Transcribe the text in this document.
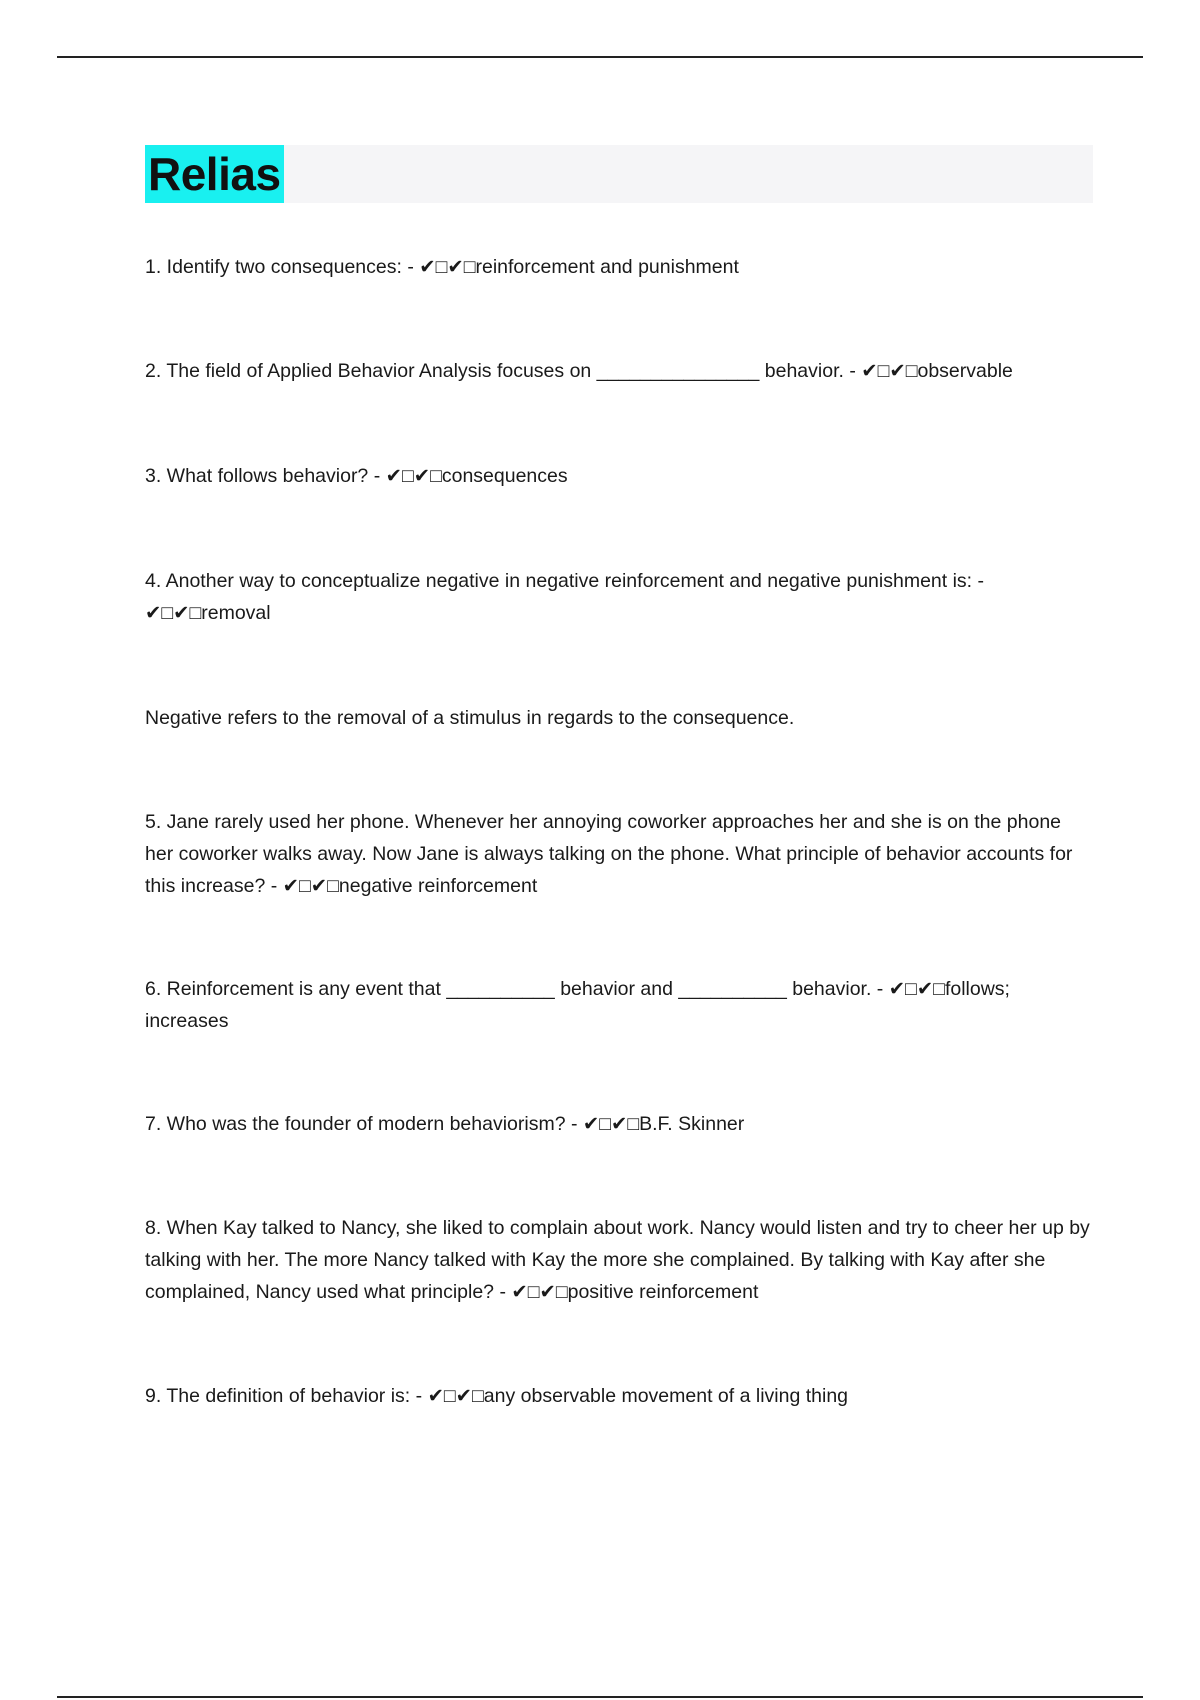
Relias

1. Identify two consequences: - ✔□✔□reinforcement and punishment

2. The field of Applied Behavior Analysis focuses on _______________ behavior. - ✔□✔□observable

3. What follows behavior? - ✔□✔□consequences

4. Another way to conceptualize negative in negative reinforcement and negative punishment is: - ✔□✔□removal

Negative refers to the removal of a stimulus in regards to the consequence.

5. Jane rarely used her phone. Whenever her annoying coworker approaches her and she is on the phone her coworker walks away. Now Jane is always talking on the phone. What principle of behavior accounts for this increase? - ✔□✔□negative reinforcement

6. Reinforcement is any event that __________ behavior and __________ behavior. - ✔□✔□follows; increases

7. Who was the founder of modern behaviorism? - ✔□✔□B.F. Skinner

8. When Kay talked to Nancy, she liked to complain about work. Nancy would listen and try to cheer her up by talking with her. The more Nancy talked with Kay the more she complained. By talking with Kay after she complained, Nancy used what principle? - ✔□✔□positive reinforcement

9. The definition of behavior is: - ✔□✔□any observable movement of a living thing
